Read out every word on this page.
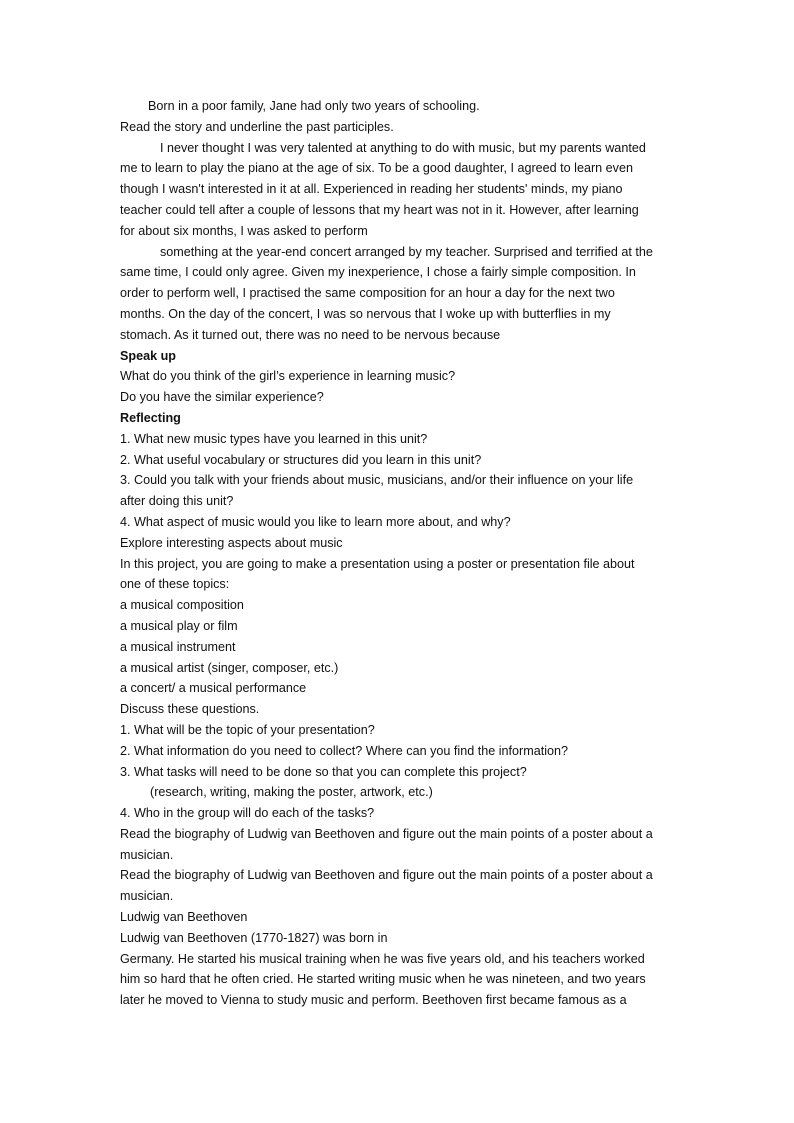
Born in a poor family, Jane had only two years of schooling.
Read the story and underline the past participles.
I never thought I was very talented at anything to do with music, but my parents wanted
me to learn to play the piano at the age of six. To be a good daughter, I agreed to learn even
though I wasn't interested in it at all. Experienced in reading her students' minds, my piano
teacher could tell after a couple of lessons that my heart was not in it. However, after learning
for about six months, I was asked to perform
something at the year-end concert arranged by my teacher. Surprised and terrified at the
same time, I could only agree. Given my inexperience, I chose a fairly simple composition. In
order to perform well, I practised the same composition for an hour a day for the next two
months. On the day of the concert, I was so nervous that I woke up with butterflies in my
stomach. As it turned out, there was no need to be nervous because
Speak up
What do you think of the girl’s experience in learning music?
Do you have the similar experience?
Reflecting
1. What new music types have you learned in this unit?
2. What useful vocabulary or structures did you learn in this unit?
3. Could you talk with your friends about music, musicians, and/or their influence on your life
after doing this unit?
4. What aspect of music would you like to learn more about, and why?
Explore interesting aspects about music
In this project, you are going to make a presentation using a poster or presentation file about
one of these topics:
a musical composition
a musical play or film
a musical instrument
a musical artist (singer, composer, etc.)
a concert/ a musical performance
Discuss these questions.
1. What will be the topic of your presentation?
2. What information do you need to collect? Where can you find the information?
3. What tasks will need to be done so that you can complete this project?
(research, writing, making the poster, artwork, etc.)
4. Who in the group will do each of the tasks?
Read the biography of Ludwig van Beethoven and figure out the main points of a poster about a
musician.
Read the biography of Ludwig van Beethoven and figure out the main points of a poster about a
musician.
Ludwig van Beethoven
Ludwig van Beethoven (1770-1827) was born in
Germany. He started his musical training when he was five years old, and his teachers worked
him so hard that he often cried. He started writing music when he was nineteen, and two years
later he moved to Vienna to study music and perform. Beethoven first became famous as a
